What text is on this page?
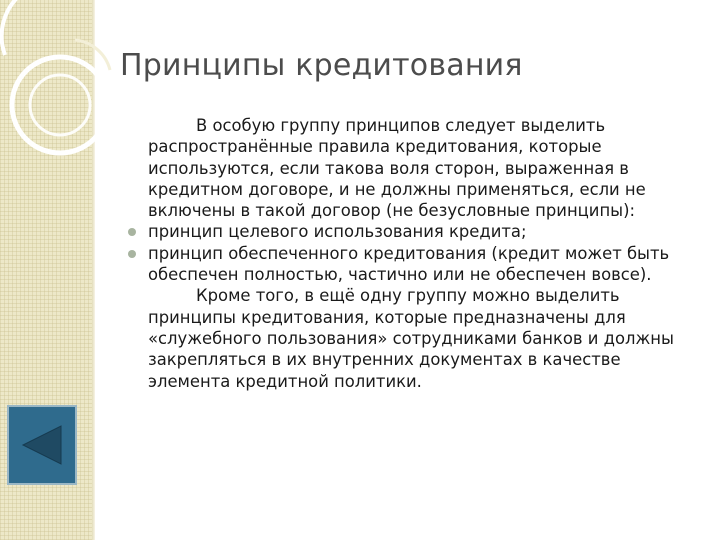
Принципы кредитования

В особую группу принципов следует выделить распространённые правила кредитования, которые используются, если такова воля сторон, выраженная в кредитном договоре, и не должны применяться, если не включены в такой договор (не безусловные принципы):

принцип целевого использования кредита;

принцип обеспеченного кредитования (кредит может быть обеспечен полностью, частично или не обеспечен вовсе).

Кроме того, в ещё одну группу можно выделить принципы кредитования, которые предназначены для «служебного пользования» сотрудниками банков и должны закрепляться в их внутренних документах в качестве элемента кредитной политики.
